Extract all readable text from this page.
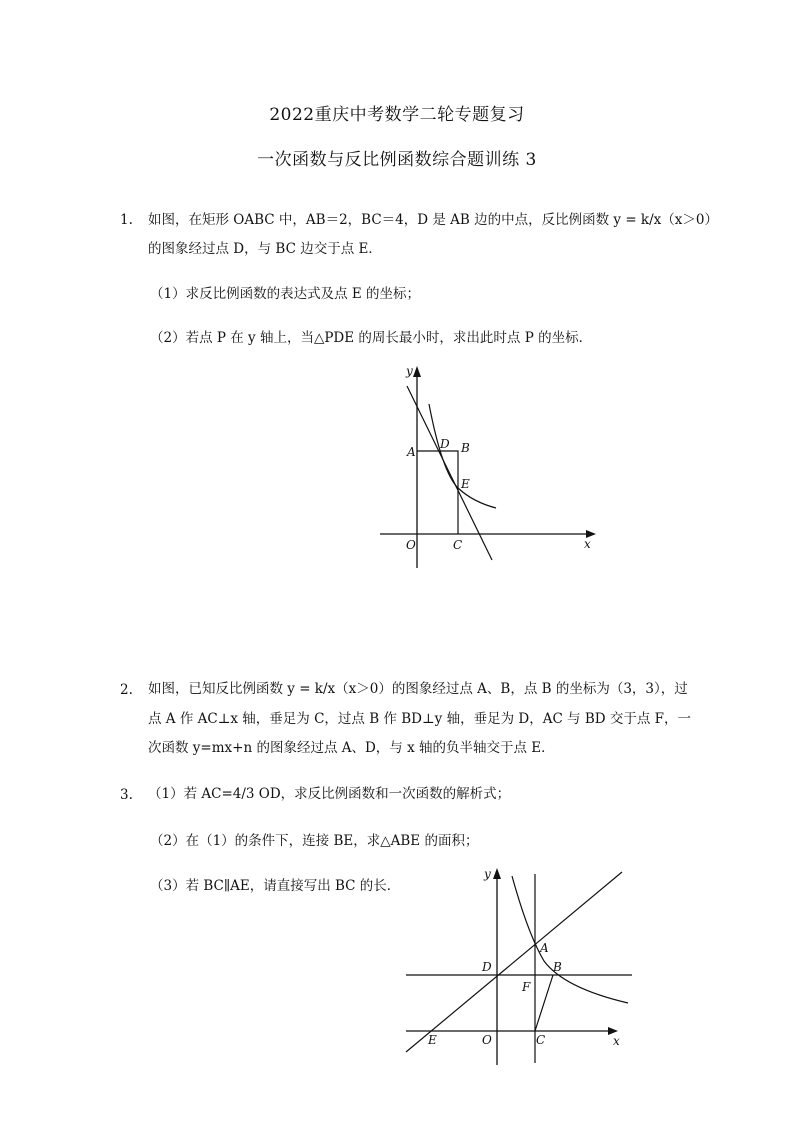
2022重庆中考数学二轮专题复习
一次函数与反比例函数综合题训练 3
1. 如图，在矩形 OABC 中，AB＝2，BC＝4，D 是 AB 边的中点，反比例函数 y = k/x（x＞0）
的图象经过点 D，与 BC 边交于点 E．
（1）求反比例函数的表达式及点 E 的坐标；
（2）若点 P 在 y 轴上，当△PDE 的周长最小时，求出此时点 P 的坐标．
y
x
O
A
D B
E
C
2. 如图，已知反比例函数 y = k/x（x＞0）的图象经过点 A、B，点 B 的坐标为（3，3），过
点 A 作 AC⊥x 轴，垂足为 C，过点 B 作 BD⊥y 轴，垂足为 D，AC 与 BD 交于点 F，一
次函数 y=mx+n 的图象经过点 A、D，与 x 轴的负半轴交于点 E．
3. （1）若 AC=4/3 OD，求反比例函数和一次函数的解析式；
（2）在（1）的条件下，连接 BE，求△ABE 的面积；
（3）若 BC∥AE，请直接写出 BC 的长．
y
x
O
A
B
D
F
E	C
